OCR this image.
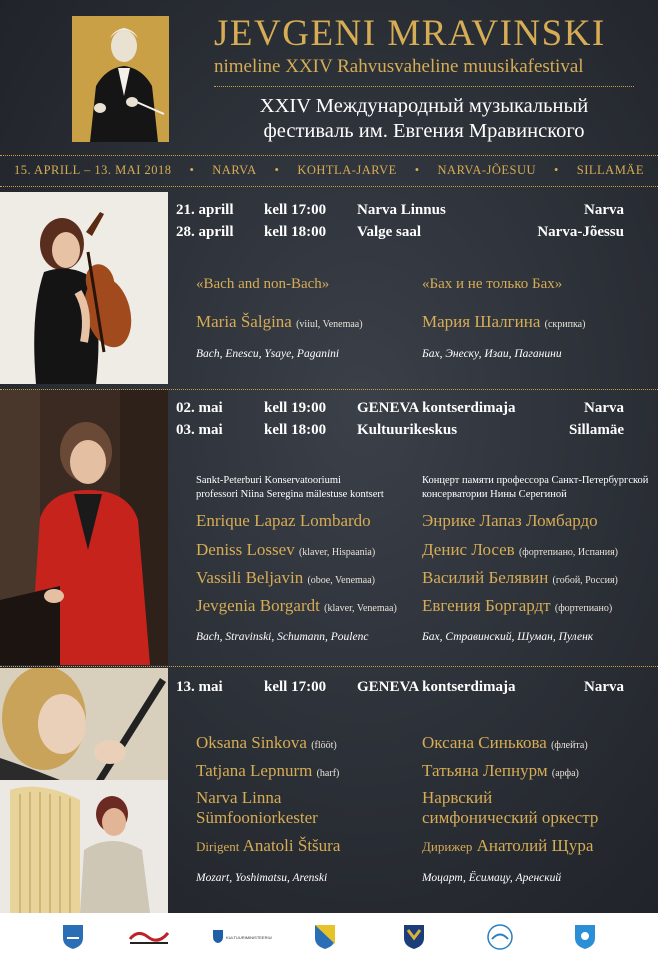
JEVGENI MRAVINSKI
nimeline XXIV Rahvusvaheline muusikafestival
XXIV Международный музыкальный
фестиваль им. Евгения Мравинского
15. APRILL – 13. MAI 2018 • NARVA • KOHTLA-JARVE • NARVA-JÕESUU • SILLAMÄE
21. aprill kell 17:00 Narva Linnus	Narva
28. aprill kell 18:00 Valge saal	Narva-Jõessu
«Bach and non-Bach»	«Бах и не только Бах»
Maria Šalgina (viiul, Venemaa)	Мария Шалгина (скрипка)
Bach, Enescu, Ysaye, Paganini	Бах, Энеску, Изаи, Паганини
02. mai	kell 19:00 GENEVA kontserdimaja	Narva
03. mai	kell 18:00 Kultuurikeskus	Sillamäe
Sankt-Peterburi Konservatooriumi
professori Niina Seregina mälestuse kontsert
Концерт памяти профессора Санкт-Петербургской
консерватории Нины Серегиной
Enrique Lapaz Lombardo	Энрике Лапаз Ломбардо
Deniss Lossev (klaver, Hispaania)	Денис Лосев (фортепиано, Испания)
Vassili Beljavin (oboe, Venemaa)	Василий Белявин (гобой, Россия)
Jevgenia Borgardt (klaver, Venemaa) Евгения Боргардт (фортепиано)
Bach, Stravinski, Schumann, Poulenc	Бах, Стравинский, Шуман, Пуленк
13. mai	kell 17:00 GENEVA kontserdimaja	Narva
Oksana Sinkova (flööt)	Оксана Синькова (флейта)
Tatjana Lepnurm (harf)	Татьяна Лепнурм (арфа)
Narva Linna
Sümfooniorkester
Нарвский
симфонический оркестр
Dirigent Anatoli Štšura	Дирижер Анатолий Щура
Mozart, Yoshimatsu, Arenski	Моцарт, Ёсимацу, Аренский
KULTUURIMINISTEERIUM
